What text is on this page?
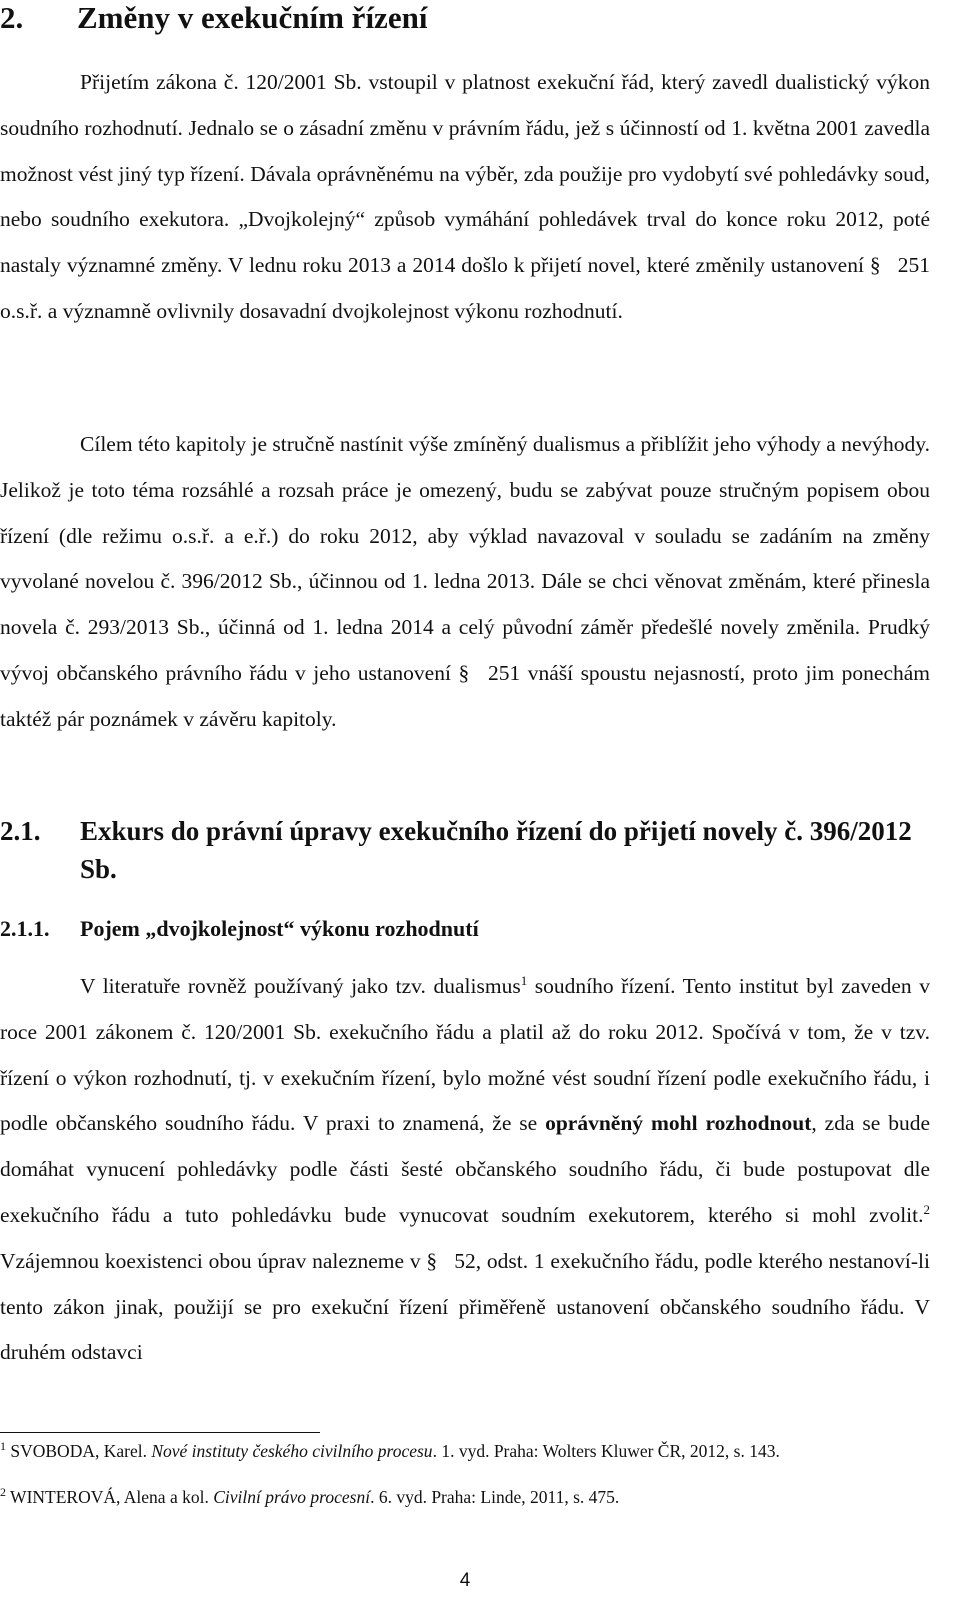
2. Změny v exekučním řízení
Přijetím zákona č. 120/2001 Sb. vstoupil v platnost exekuční řád, který zavedl dualistický výkon soudního rozhodnutí. Jednalo se o zásadní změnu v právním řádu, jež s účinností od 1. května 2001 zavedla možnost vést jiný typ řízení. Dávala oprávněnému na výběr, zda použije pro vydobytí své pohledávky soud, nebo soudního exekutora. „Dvojkolejný“ způsob vymáhání pohledávek trval do konce roku 2012, poté nastaly významné změny. V lednu roku 2013 a 2014 došlo k přijetí novel, které změnily ustanovení § 251 o.s.ř. a významně ovlivnily dosavadní dvojkolejnost výkonu rozhodnutí.
Cílem této kapitoly je stručně nastínit výše zmíněný dualismus a přiblížit jeho výhody a nevýhody. Jelikož je toto téma rozsáhlé a rozsah práce je omezený, budu se zabývat pouze stručným popisem obou řízení (dle režimu o.s.ř. a e.ř.) do roku 2012, aby výklad navazoval v souladu se zadáním na změny vyvolané novelou č. 396/2012 Sb., účinnou od 1. ledna 2013. Dále se chci věnovat změnám, které přinesla novela č. 293/2013 Sb., účinná od 1. ledna 2014 a celý původní záměr předešlé novely změnila. Prudký vývoj občanského právního řádu v jeho ustanovení § 251 vnáší spoustu nejasností, proto jim ponechám taktéž pár poznámek v závěru kapitoly.
2.1. Exkurs do právní úpravy exekučního řízení do přijetí novely č. 396/2012 Sb.
2.1.1. Pojem „dvojkolejnost“ výkonu rozhodnutí
V literatuře rovněž používaný jako tzv. dualismus$^1$ soudního řízení. Tento institut byl zaveden v roce 2001 zákonem č. 120/2001 Sb. exekučního řádu a platil až do roku 2012. Spočívá v tom, že v tzv. řízení o výkon rozhodnutí, tj. v exekučním řízení, bylo možné vést soudní řízení podle exekučního řádu, i podle občanského soudního řádu. V praxi to znamená, že se oprávněný mohl rozhodnout, zda se bude domáhat vynucení pohledávky podle části šesté občanského soudního řádu, či bude postupovat dle exekučního řádu a tuto pohledávku bude vynucovat soudním exekutorem, kterého si mohl zvolit.$^2$ Vzájemnou koexistenci obou úprav nalezneme v § 52, odst. 1 exekučního řádu, podle kterého nestanoví-li tento zákon jinak, použijí se pro exekuční řízení přiměřeně ustanovení občanského soudního řádu. V druhém odstavci
$^1$ SVOBODA, Karel. Nové instituty českého civilního procesu. 1. vyd. Praha: Wolters Kluwer ČR, 2012, s. 143.
$^2$ WINTEROVÁ, Alena a kol. Civilní právo procesní. 6. vyd. Praha: Linde, 2011, s. 475.
4
